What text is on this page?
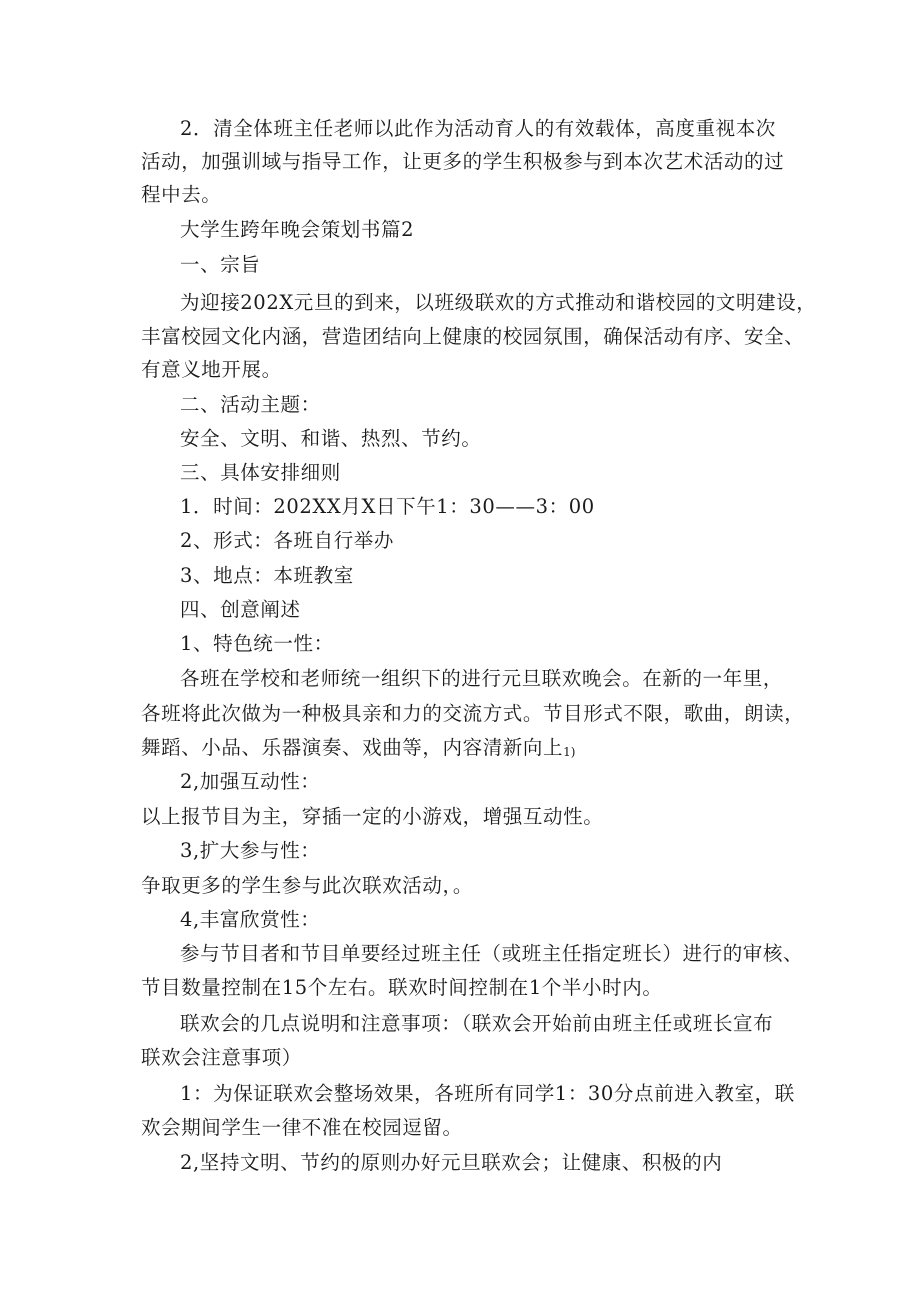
2．清全体班主任老师以此作为活动育人的有效载体，高度重视本次
活动，加强训域与指导工作，让更多的学生积极参与到本次艺术活动的过
程中去。
大学生跨年晚会策划书篇2
一、宗旨
为迎接202X元旦的到来，以班级联欢的方式推动和谐校园的文明建设，
丰富校园文化内涵，营造团结向上健康的校园氛围，确保活动有序、安全、
有意义地开展。
二、活动主题：
安全、文明、和谐、热烈、节约。
三、具体安排细则
1．时间：202XX月X日下午1：30——3：00
2、形式：各班自行举办
3、地点：本班教室
四、创意阐述
1、特色统一性：
各班在学校和老师统一组织下的进行元旦联欢晚会。在新的一年里，
各班将此次做为一种极具亲和力的交流方式。节目形式不限，歌曲，朗读，
舞蹈、小品、乐器演奏、戏曲等，内容清新向上1)
2,加强互动性：
以上报节目为主，穿插一定的小游戏，增强互动性。
3,扩大参与性：
争取更多的学生参与此次联欢活动，。
4,丰富欣赏性：
参与节目者和节目单要经过班主任（或班主任指定班长）进行的审核、
节目数量控制在15个左右。联欢时间控制在1个半小时内。
联欢会的几点说明和注意事项：（联欢会开始前由班主任或班长宣布
联欢会注意事项）
1：为保证联欢会整场效果，各班所有同学1：30分点前进入教室，联
欢会期间学生一律不准在校园逗留。
2,坚持文明、节约的原则办好元旦联欢会；让健康、积极的内
